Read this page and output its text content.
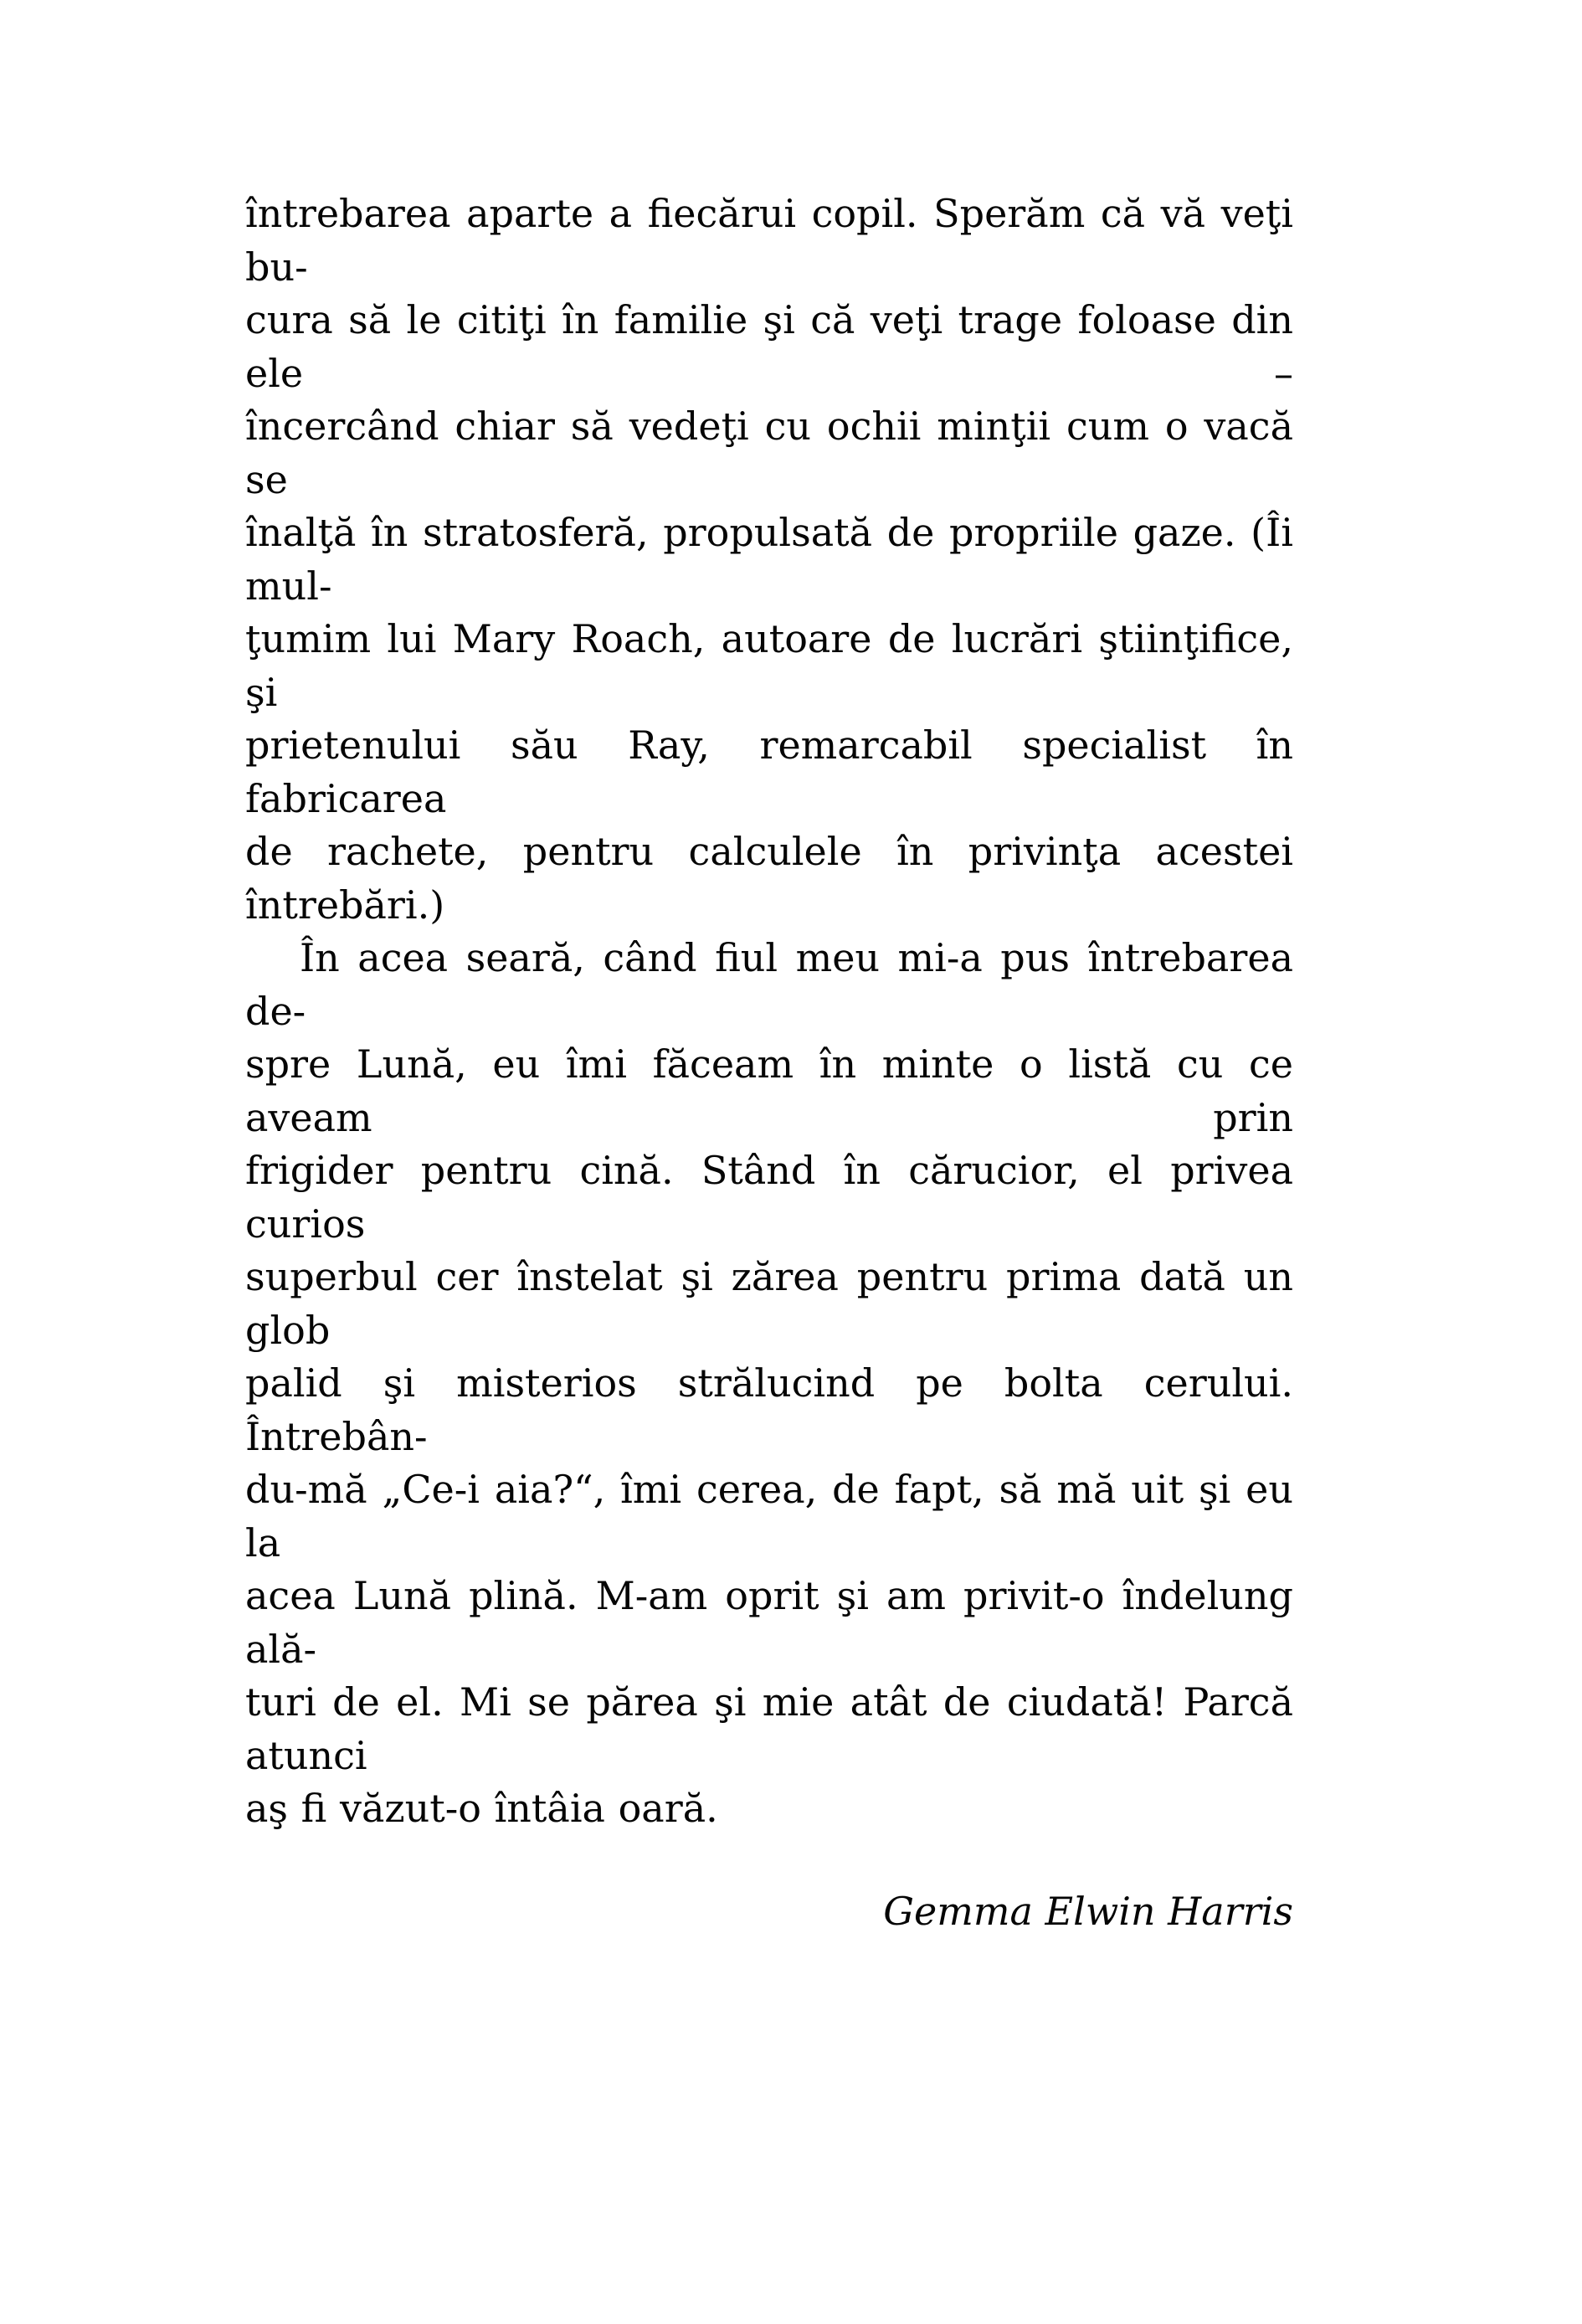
întrebarea aparte a fiecărui copil. Sperăm că vă veţi bu-
cura să le citiţi în familie şi că veţi trage foloase din ele –
încercând chiar să vedeţi cu ochii minţii cum o vacă se
înalţă în stratosferă, propulsată de propriile gaze. (Îi mul-
ţumim lui Mary Roach, autoare de lucrări ştiinţifice, şi
prietenului său Ray, remarcabil specialist în fabricarea
de rachete, pentru calculele în privinţa acestei întrebări.)
În acea seară, când fiul meu mi-a pus întrebarea de-
spre Lună, eu îmi făceam în minte o listă cu ce aveam prin
frigider pentru cină. Stând în cărucior, el privea curios
superbul cer înstelat şi zărea pentru prima dată un glob
palid şi misterios strălucind pe bolta cerului. Întrebân-
du-mă „Ce-i aia?“, îmi cerea, de fapt, să mă uit şi eu la
acea Lună plină. M-am oprit şi am privit-o îndelung ală-
turi de el. Mi se părea şi mie atât de ciudată! Parcă atunci
aş fi văzut-o întâia oară.
Gemma Elwin Harris
